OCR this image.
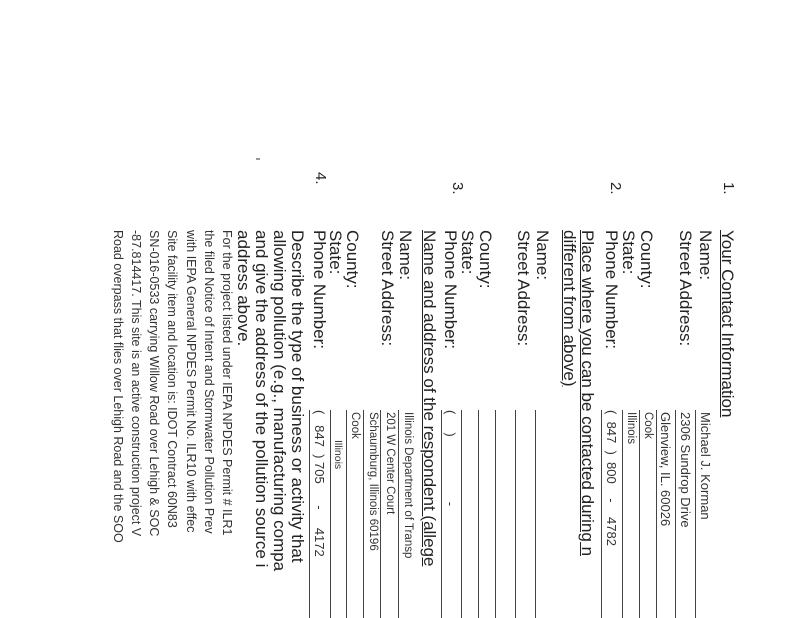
1.
Your Contact Information
Name:
Michael J. Korman
Street Address:
2306 Sundrop Drive
Glenview, IL. 60026
County:
Cook
State:
Illinois
Phone Number:
(  847  )  800    -    4782
2.
Place where you can be contacted during n
different from above)
Name:
Street Address:
County:
State:
Phone Number:
(     )                  -
3.
Name and address of the respondent (allege
Name:
Illinois Department of Transp
Street Address:
201 W Center Court
Schaumburg, Illinois 60196
County:
Cook
State:
Illinois
Phone Number:
(   847  ) 705      -     4172
4.
Describe the type of business or activity that
allowing pollution (e.g., manufacturing compa
and give the address of the pollution source i
address above.
For the project listed under IEPA NPDES Permit # ILR1
the filed Notice of Intent and Stormwater Pollution Prev
with IEPA General NPDES Permit No. ILR10 with effec
Site facility item and location is: IDOT Contract 60N83
SN-016-0533 carrying Willow Road over Lehigh & SOC
-87.814417. This site is an active construction project V
Road overpass that flies over Lehigh Road and the SOO
